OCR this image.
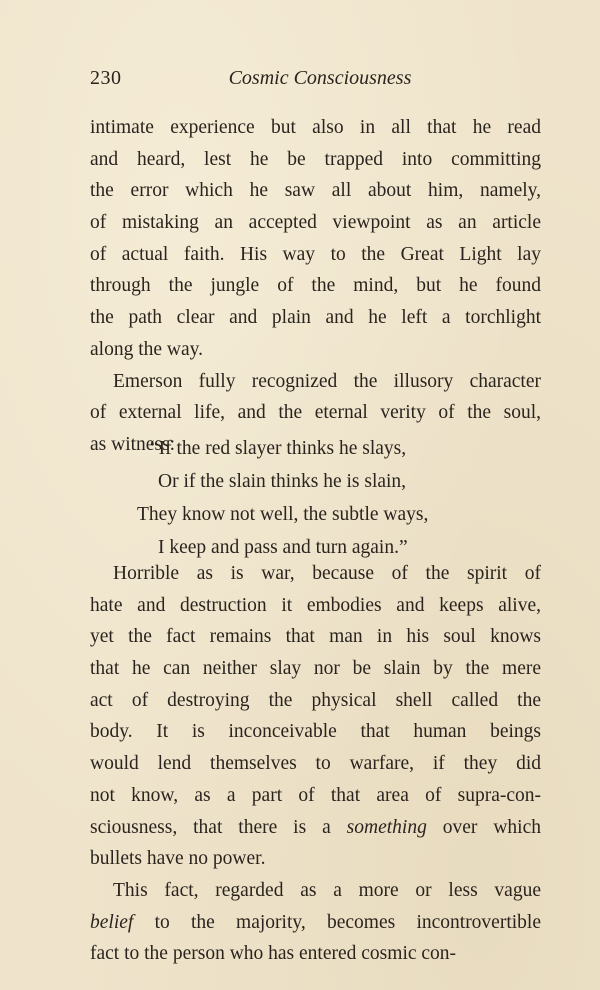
230	Cosmic Consciousness
intimate experience but also in all that he read
and heard, lest he be trapped into committing
the error which he saw all about him, namely,
of mistaking an accepted viewpoint as an article
of actual faith. His way to the Great Light lay
through the jungle of the mind, but he found
the path clear and plain and he left a torchlight
along the way.
Emerson fully recognized the illusory character
of external life, and the eternal verity of the soul,
as witness:
“If the red slayer thinks he slays,
Or if the slain thinks he is slain,
They know not well, the subtle ways,
I keep and pass and turn again.”
Horrible as is war, because of the spirit of
hate and destruction it embodies and keeps alive,
yet the fact remains that man in his soul knows
that he can neither slay nor be slain by the mere
act of destroying the physical shell called the
body. It is inconceivable that human beings
would lend themselves to warfare, if they did
not know, as a part of that area of supra-con-
sciousness, that there is a something over which
bullets have no power.
This fact, regarded as a more or less vague
belief to the majority, becomes incontrovertible
fact to the person who has entered cosmic con-
